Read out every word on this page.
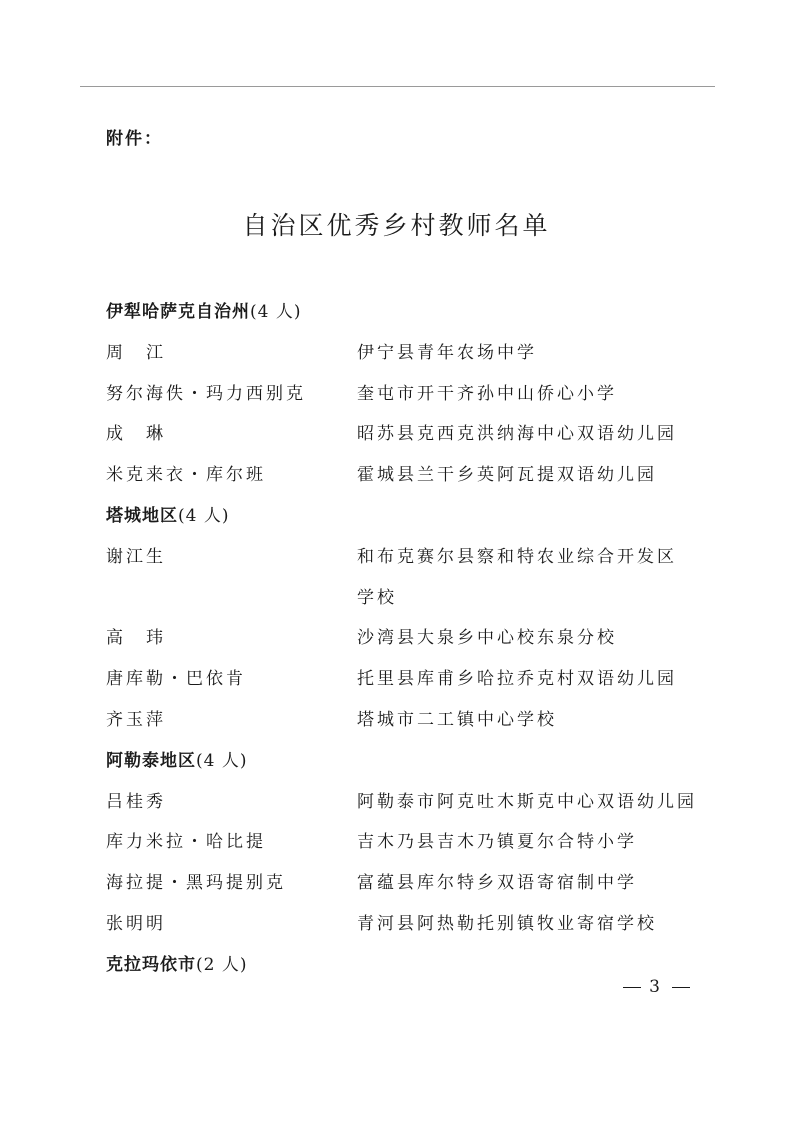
附件：
自治区优秀乡村教师名单
伊犁哈萨克自治州(4 人)
周　江	伊宁县青年农场中学
努尔海佚・玛力西别克	奎屯市开干齐孙中山侨心小学
成　琳	昭苏县克西克洪纳海中心双语幼儿园
米克来衣・库尔班	霍城县兰干乡英阿瓦提双语幼儿园
塔城地区(4 人)
谢江生	和布克赛尔县察和特农业综合开发区
学校
高　玮	沙湾县大泉乡中心校东泉分校
唐库勒・巴依肯	托里县库甫乡哈拉乔克村双语幼儿园
齐玉萍	塔城市二工镇中心学校
阿勒泰地区(4 人)
吕桂秀	阿勒泰市阿克吐木斯克中心双语幼儿园
库力米拉・哈比提	吉木乃县吉木乃镇夏尔合特小学
海拉提・黑玛提别克	富蕴县库尔特乡双语寄宿制中学
张明明	青河县阿热勒托别镇牧业寄宿学校
克拉玛依市(2 人)
3
